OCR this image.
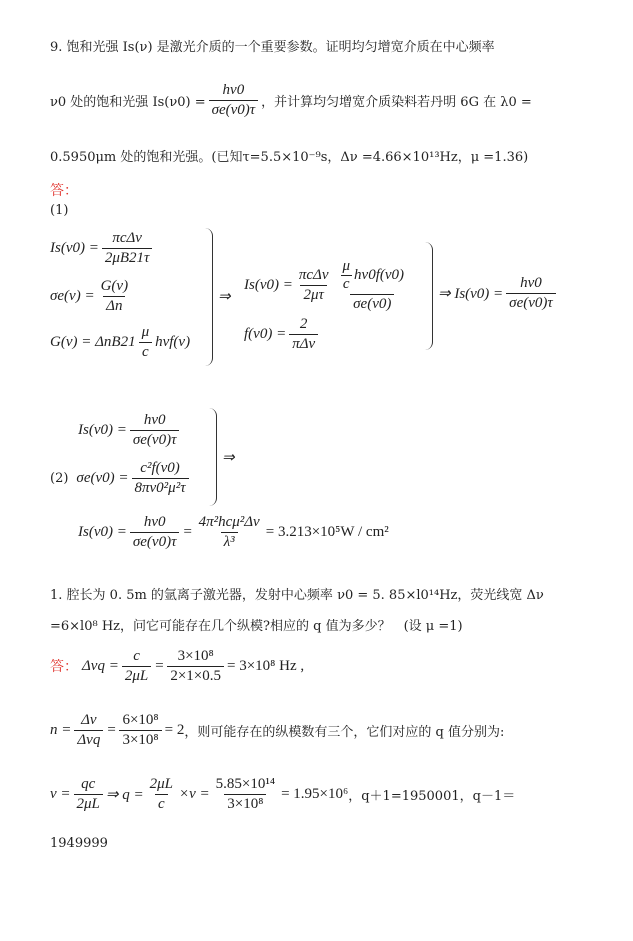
9. 饱和光强 Is(ν) 是激光介质的一个重要参数。证明均匀增宽介质在中心频率
ν0 处的饱和光强 $Is(\nu 0) = \frac{h\nu 0}{\sigma e(\nu 0)\tau}$ ，并计算均匀增宽介质染料若丹明 6G 在 λ0 =
0.5950μm 处的饱和光强。(已知τ=5.5×10⁻⁹s，Δν =4.66×10¹³Hz，μ =1.36)
答：
(1)
$Is(\nu 0) = \frac{\text{πcΔν}}{2\mu B21\tau}$
$\sigma e(\nu) = \frac{G(\nu)}{\Delta n}$
$G(\nu) = \Delta nB21 \frac{\mu}{c} h\nu f(\nu)$
⇒
$Is(\nu 0) = \frac{\text{πcΔν}}{2\mu\tau} \frac{\frac{\mu}{c} h\nu 0f(\nu 0)}{\sigma e(\nu 0)}$
$f(\nu 0) = \frac{2}{\text{πΔν}}$
⇒ $Is(\nu 0) = \frac{h\nu 0}{\sigma e(\nu 0)\tau}$
$Is(\nu 0) = \frac{h\nu 0}{\sigma e(\nu 0)\tau}$
(2) $\sigma e(\nu 0) = \frac{\text{c²f(ν0)}}{\text{8πν0²μ²τ}}$
⇒
$Is(\nu 0) = \frac{h\nu 0}{\sigma e(\nu 0)\tau} = \frac{\text{4π²hcμ²Δν}}{\text{λ³}} = 3.213\times 10^5W / cm^2$
1. 腔长为 0. 5m 的氩离子激光器，发射中心频率 ν0 = 5. 85×l0¹⁴Hz，荧光线宽 Δν
=6×l0⁸ Hz，问它可能存在几个纵模?相应的 q 值为多少？　(设 μ =1)
答： $\Delta\nu q = \frac{c}{2\mu L} = \frac{\text{3×10⁸}}{2\times 1\times 0.5} = 3\times 10^8$ Hz ,
$n = \frac{\Delta\nu}{\text{Δνq}} = \frac{\text{6×10⁸}}{\text{3×10⁸}} = 2$ ，则可能存在的纵模数有三个，它们对应的 q 值分别为:
$\nu = \frac{qc}{2\mu L}$ ⇒ $q = \frac{2\mu L}{c} \times\nu = \frac{\text{5.85×10¹⁴}}{\text{3×10⁸}} = 1.95\times 10^6$ ，q＋1=1950001，q－1＝
1949999
